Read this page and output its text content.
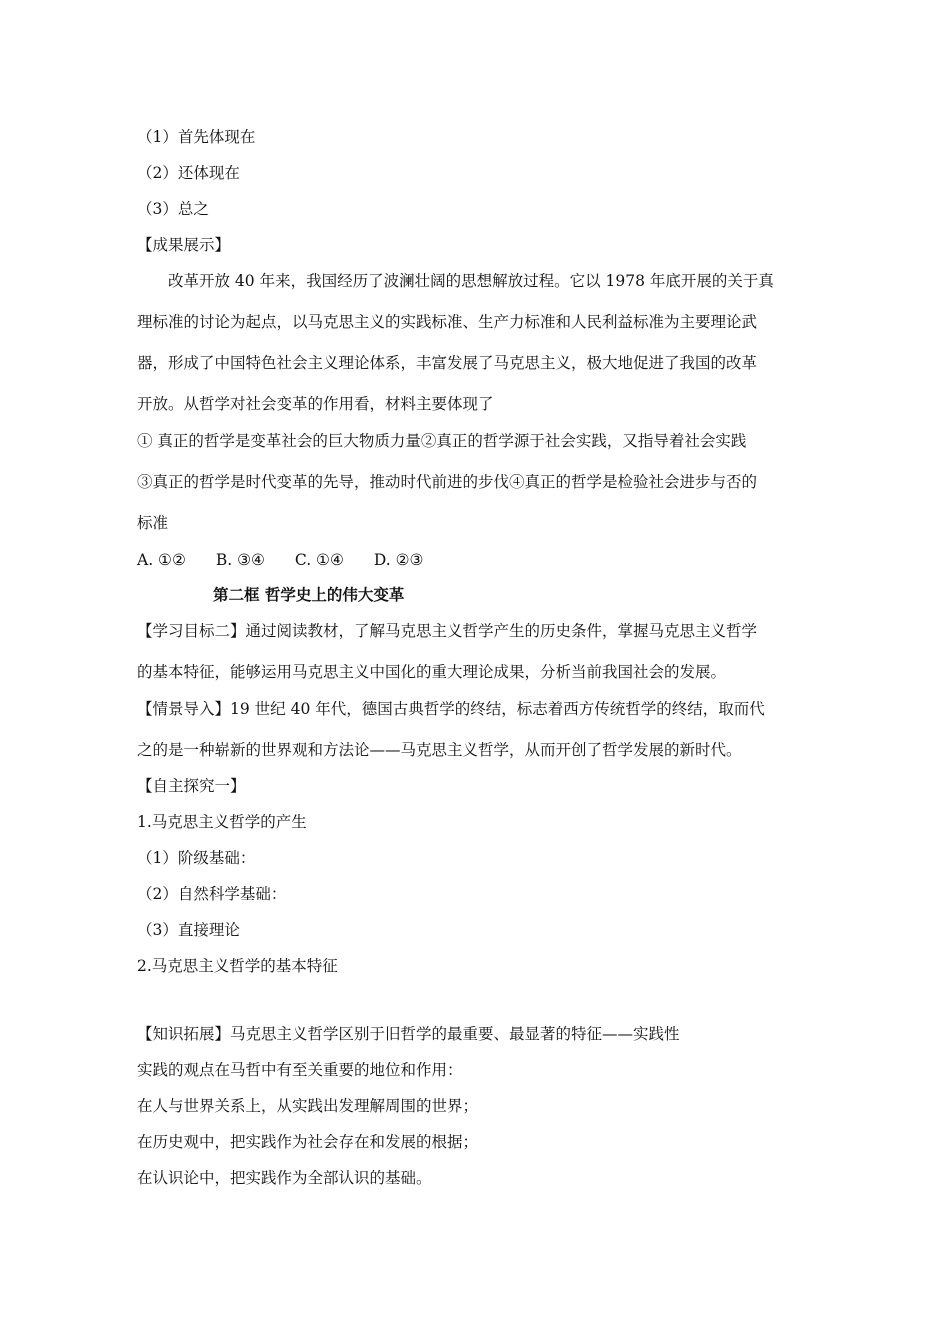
（1）首先体现在
（2）还体现在
（3）总之
【成果展示】
改革开放 40 年来，我国经历了波澜壮阔的思想解放过程。它以 1978 年底开展的关于真
理标准的讨论为起点，以马克思主义的实践标准、生产力标准和人民利益标准为主要理论武
器，形成了中国特色社会主义理论体系，丰富发展了马克思主义，极大地促进了我国的改革
开放。从哲学对社会变革的作用看，材料主要体现了
① 真正的哲学是变革社会的巨大物质力量②真正的哲学源于社会实践，又指导着社会实践
③真正的哲学是时代变革的先导，推动时代前进的步伐④真正的哲学是检验社会进步与否的
标准
A. ①② B. ③④ C. ①④ D. ②③
第二框 哲学史上的伟大变革
【学习目标二】通过阅读教材，了解马克思主义哲学产生的历史条件，掌握马克思主义哲学
的基本特征，能够运用马克思主义中国化的重大理论成果，分析当前我国社会的发展。
【情景导入】19 世纪 40 年代，德国古典哲学的终结，标志着西方传统哲学的终结，取而代
之的是一种崭新的世界观和方法论——马克思主义哲学，从而开创了哲学发展的新时代。
【自主探究一】
1.马克思主义哲学的产生
（1）阶级基础：
（2）自然科学基础：
（3）直接理论
2.马克思主义哲学的基本特征
【知识拓展】马克思主义哲学区别于旧哲学的最重要、最显著的特征——实践性
实践的观点在马哲中有至关重要的地位和作用：
在人与世界关系上，从实践出发理解周围的世界；
在历史观中，把实践作为社会存在和发展的根据；
在认识论中，把实践作为全部认识的基础。
